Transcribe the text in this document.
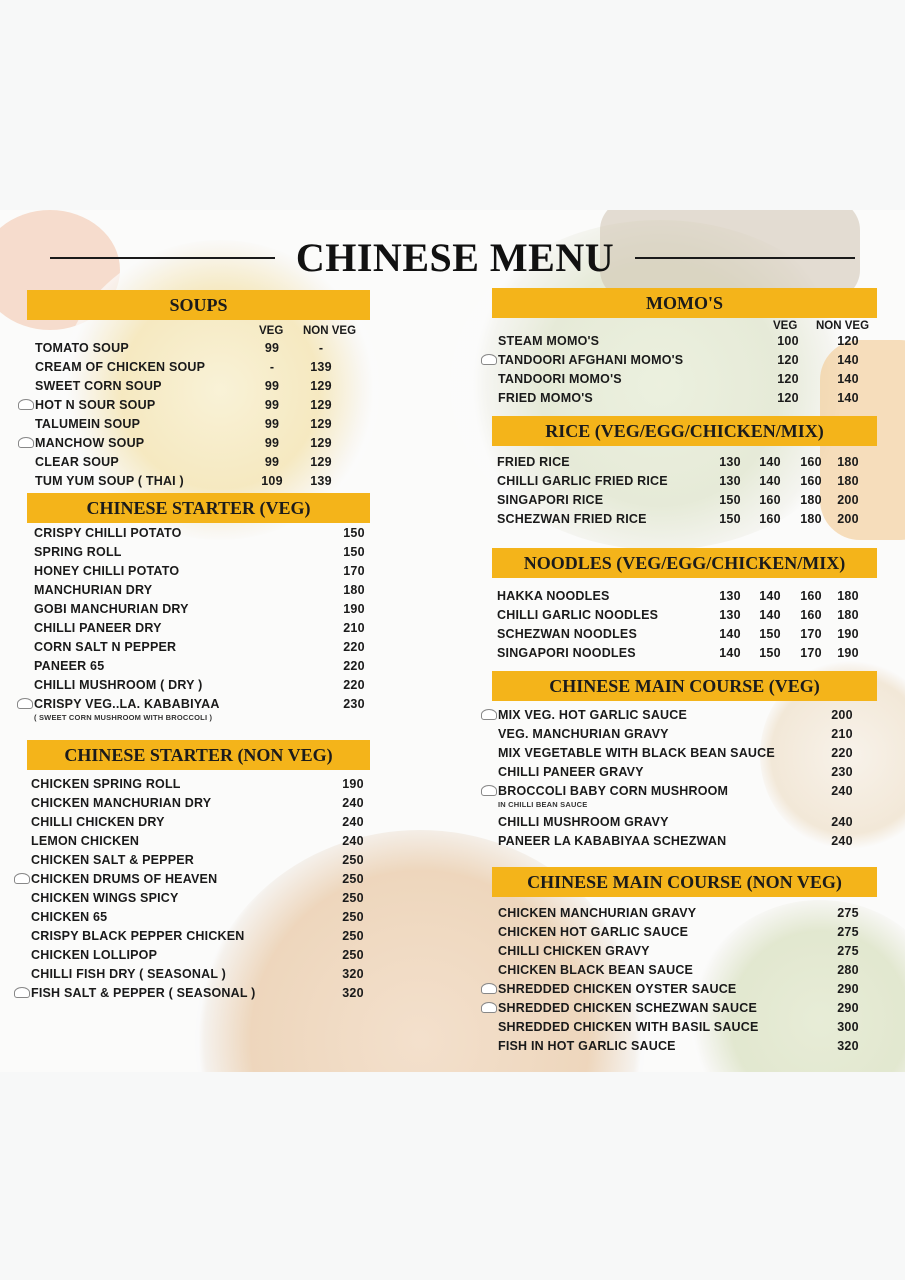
CHINESE MENU
SOUPS
VEG NON VEG
TOMATO SOUP	99	-
CREAM OF CHICKEN SOUP	-	139
SWEET CORN SOUP	99	129
HOT N SOUR SOUP	99	129
TALUMEIN SOUP	99	129
MANCHOW SOUP	99	129
CLEAR SOUP	99	129
TUM YUM SOUP ( THAI )	109	139
CHINESE STARTER (VEG)
CRISPY CHILLI POTATO	150
SPRING ROLL	150
HONEY CHILLI POTATO	170
MANCHURIAN DRY	180
GOBI MANCHURIAN DRY	190
CHILLI PANEER DRY	210
CORN SALT N PEPPER	220
PANEER 65	220
CHILLI MUSHROOM ( DRY )	220
CRISPY VEG..LA. KABABIYAA	230
( SWEET CORN MUSHROOM WITH BROCCOLI )
CHINESE STARTER (NON VEG)
CHICKEN SPRING ROLL	190
CHICKEN MANCHURIAN DRY	240
CHILLI CHICKEN DRY	240
LEMON CHICKEN	240
CHICKEN SALT & PEPPER	250
CHICKEN DRUMS OF HEAVEN	250
CHICKEN WINGS SPICY	250
CHICKEN 65	250
CRISPY BLACK PEPPER CHICKEN	250
CHICKEN LOLLIPOP	250
CHILLI FISH DRY ( SEASONAL )	320
FISH SALT & PEPPER ( SEASONAL )	320
MOMO'S
VEG NON VEG
STEAM MOMO'S	100	120
TANDOORI AFGHANI MOMO'S	120	140
TANDOORI MOMO'S	120	140
FRIED MOMO'S	120	140
RICE (VEG/EGG/CHICKEN/MIX)
FRIED RICE	130	140	160	180
CHILLI GARLIC FRIED RICE	130	140	160	180
SINGAPORI RICE	150	160	180	200
SCHEZWAN FRIED RICE	150	160	180	200
NOODLES (VEG/EGG/CHICKEN/MIX)
HAKKA NOODLES	130	140	160	180
CHILLI GARLIC NOODLES	130	140	160	180
SCHEZWAN NOODLES	140	150	170	190
SINGAPORI NOODLES	140	150	170	190
CHINESE MAIN COURSE (VEG)
MIX VEG. HOT GARLIC SAUCE	200
VEG. MANCHURIAN GRAVY	210
MIX VEGETABLE WITH BLACK BEAN SAUCE	220
CHILLI PANEER GRAVY	230
BROCCOLI BABY CORN MUSHROOM	240
IN CHILLI BEAN SAUCE
CHILLI MUSHROOM GRAVY	240
PANEER LA KABABIYAA SCHEZWAN	240
CHINESE MAIN COURSE (NON VEG)
CHICKEN MANCHURIAN GRAVY	275
CHICKEN HOT GARLIC SAUCE	275
CHILLI CHICKEN GRAVY	275
CHICKEN BLACK BEAN SAUCE	280
SHREDDED CHICKEN OYSTER SAUCE	290
SHREDDED CHICKEN SCHEZWAN SAUCE	290
SHREDDED CHICKEN WITH BASIL SAUCE	300
FISH IN HOT GARLIC SAUCE	320
